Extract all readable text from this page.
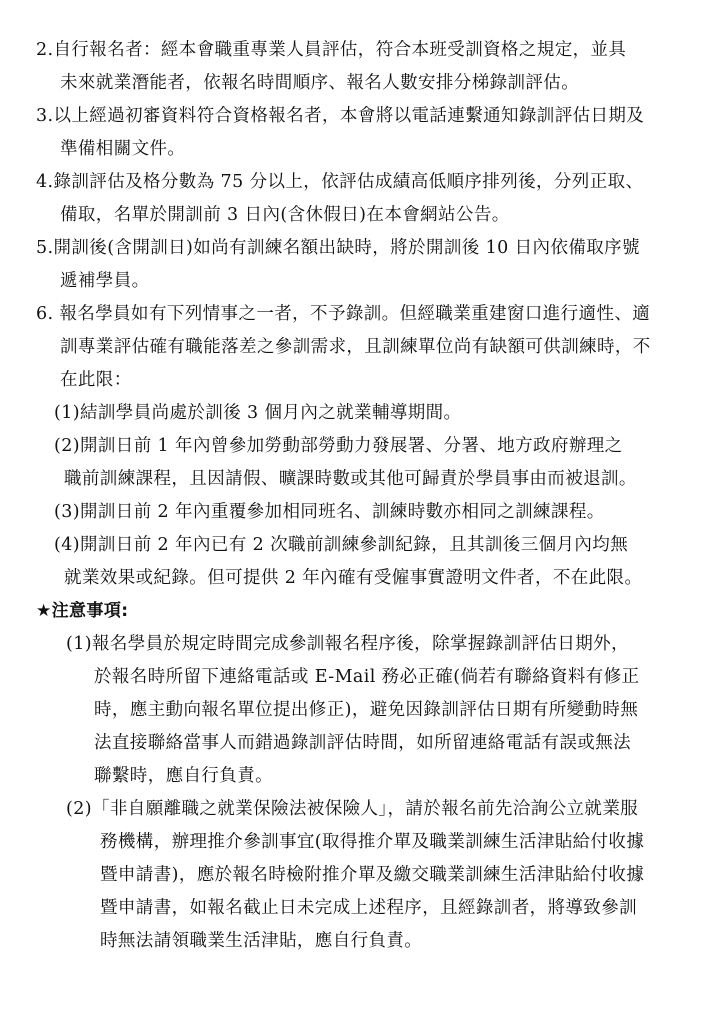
2.自行報名者：經本會職重專業人員評估，符合本班受訓資格之規定，並具
未來就業潛能者，依報名時間順序、報名人數安排分梯錄訓評估。
3.以上經過初審資料符合資格報名者，本會將以電話連繫通知錄訓評估日期及
準備相關文件。
4.錄訓評估及格分數為 75 分以上，依評估成績高低順序排列後，分列正取、
備取，名單於開訓前 3 日內(含休假日)在本會網站公告。
5.開訓後(含開訓日)如尚有訓練名額出缺時，將於開訓後 10 日內依備取序號
遞補學員。
6. 報名學員如有下列情事之一者，不予錄訓。但經職業重建窗口進行適性、適
訓專業評估確有職能落差之參訓需求，且訓練單位尚有缺額可供訓練時，不
在此限：
(1)結訓學員尚處於訓後 3 個月內之就業輔導期間。
(2)開訓日前 1 年內曾參加勞動部勞動力發展署、分署、地方政府辦理之
職前訓練課程，且因請假、曠課時數或其他可歸責於學員事由而被退訓。
(3)開訓日前 2 年內重覆參加相同班名、訓練時數亦相同之訓練課程。
(4)開訓日前 2 年內已有 2 次職前訓練參訓紀錄，且其訓後三個月內均無
就業效果或紀錄。但可提供 2 年內確有受僱事實證明文件者，不在此限。
★注意事項:
(1)報名學員於規定時間完成參訓報名程序後，除掌握錄訓評估日期外，
於報名時所留下連絡電話或 E-Mail 務必正確(倘若有聯絡資料有修正
時，應主動向報名單位提出修正)，避免因錄訓評估日期有所變動時無
法直接聯絡當事人而錯過錄訓評估時間，如所留連絡電話有誤或無法
聯繫時，應自行負責。
(2)「非自願離職之就業保險法被保險人」，請於報名前先洽詢公立就業服
務機構，辦理推介參訓事宜(取得推介單及職業訓練生活津貼給付收據
暨申請書)，應於報名時檢附推介單及繳交職業訓練生活津貼給付收據
暨申請書，如報名截止日未完成上述程序，且經錄訓者，將導致參訓
時無法請領職業生活津貼，應自行負責。
